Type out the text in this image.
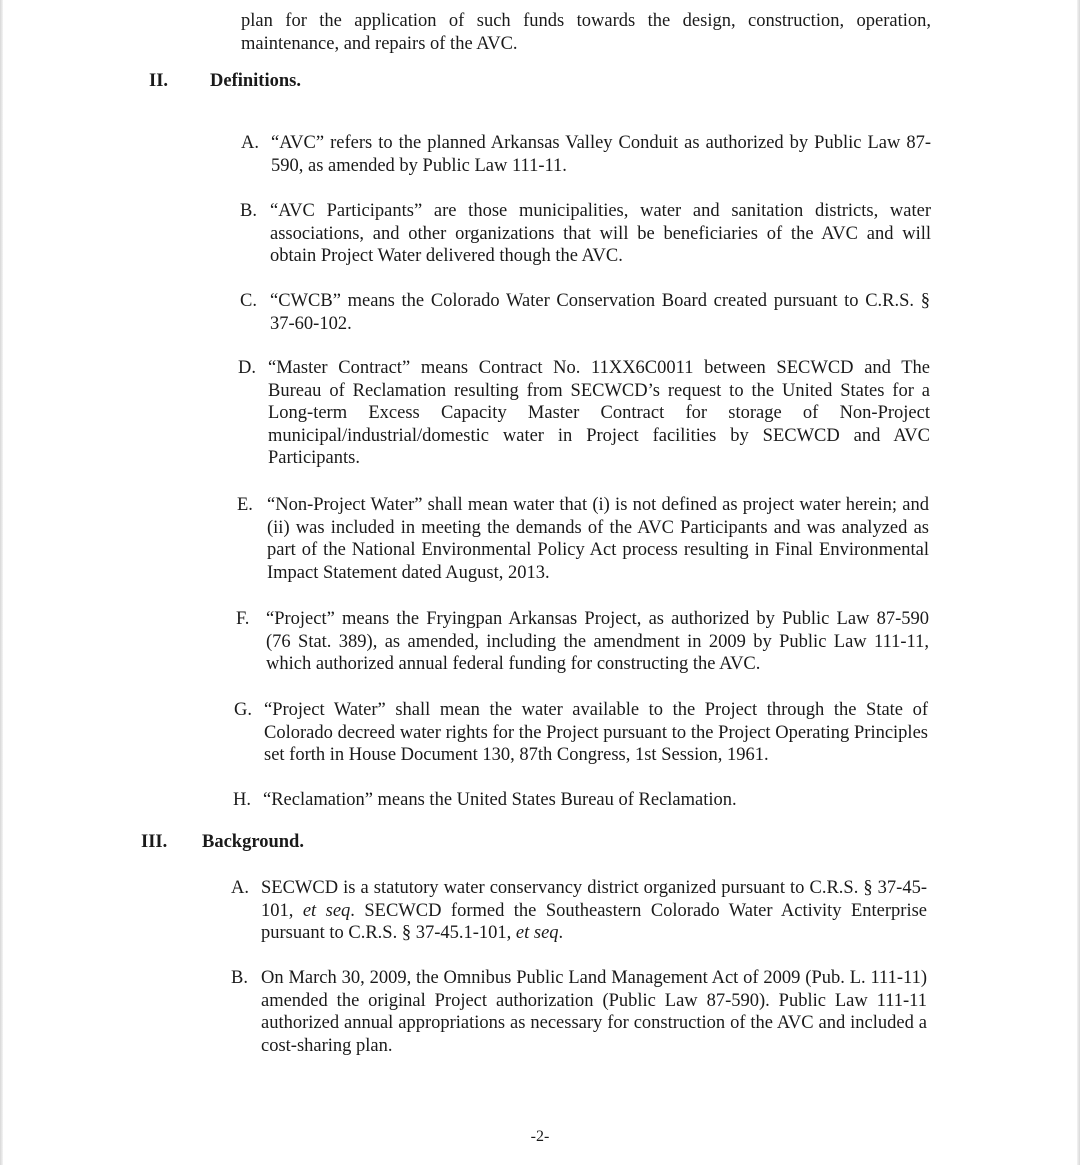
plan for the application of such funds towards the design, construction, operation, maintenance, and repairs of the AVC.
II.	Definitions.
A. “AVC” refers to the planned Arkansas Valley Conduit as authorized by Public Law 87-590, as amended by Public Law 111-11.
B. “AVC Participants” are those municipalities, water and sanitation districts, water associations, and other organizations that will be beneficiaries of the AVC and will obtain Project Water delivered though the AVC.
C. “CWCB” means the Colorado Water Conservation Board created pursuant to C.R.S. § 37-60-102.
D. “Master Contract” means Contract No. 11XX6C0011 between SECWCD and The Bureau of Reclamation resulting from SECWCD’s request to the United States for a Long-term Excess Capacity Master Contract for storage of Non-Project municipal/industrial/domestic water in Project facilities by SECWCD and AVC Participants.
E. “Non-Project Water” shall mean water that (i) is not defined as project water herein; and (ii) was included in meeting the demands of the AVC Participants and was analyzed as part of the National Environmental Policy Act process resulting in Final Environmental Impact Statement dated August, 2013.
F. “Project” means the Fryingpan Arkansas Project, as authorized by Public Law 87-590 (76 Stat. 389), as amended, including the amendment in 2009 by Public Law 111-11, which authorized annual federal funding for constructing the AVC.
G. “Project Water” shall mean the water available to the Project through the State of Colorado decreed water rights for the Project pursuant to the Project Operating Principles set forth in House Document 130, 87th Congress, 1st Session, 1961.
H. “Reclamation” means the United States Bureau of Reclamation.
III.	Background.
A. SECWCD is a statutory water conservancy district organized pursuant to C.R.S. § 37-45-101, et seq. SECWCD formed the Southeastern Colorado Water Activity Enterprise pursuant to C.R.S. § 37-45.1-101, et seq.
B. On March 30, 2009, the Omnibus Public Land Management Act of 2009 (Pub. L. 111-11) amended the original Project authorization (Public Law 87-590). Public Law 111-11 authorized annual appropriations as necessary for construction of the AVC and included a cost-sharing plan.
-2-
